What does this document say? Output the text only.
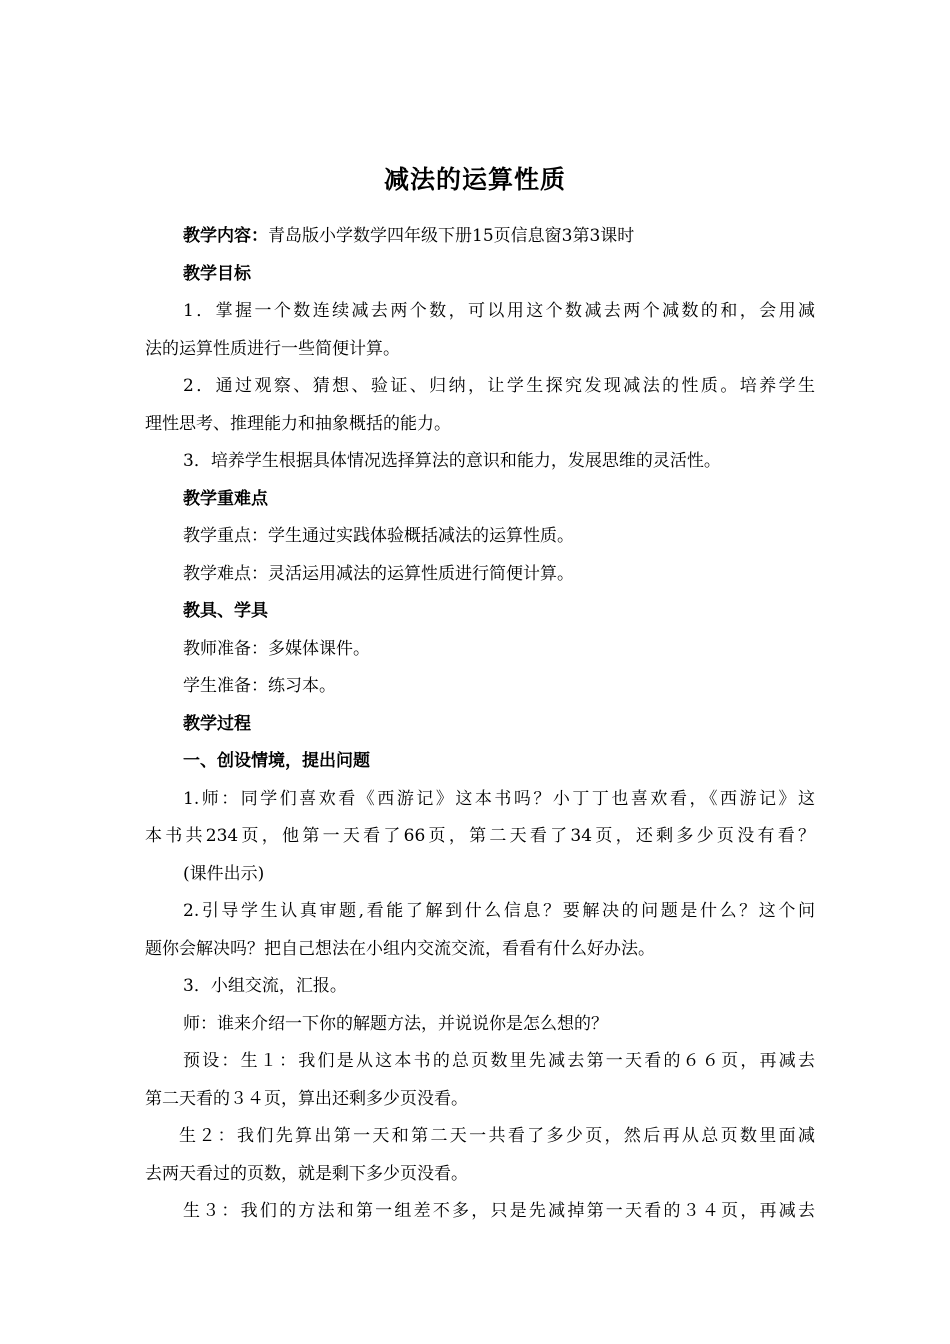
减法的运算性质
教学内容：青岛版小学数学四年级下册15页信息窗3第3课时
教学目标
1．掌握一个数连续减去两个数，可以用这个数减去两个减数的和，会用减
法的运算性质进行一些简便计算。
2．通过观察、猜想、验证、归纳，让学生探究发现减法的性质。培养学生
理性思考、推理能力和抽象概括的能力。
3．培养学生根据具体情况选择算法的意识和能力，发展思维的灵活性。
教学重难点
教学重点：学生通过实践体验概括减法的运算性质。
教学难点：灵活运用减法的运算性质进行简便计算。
教具、学具
教师准备：多媒体课件。
学生准备：练习本。
教学过程
一、创设情境，提出问题
1.师：同学们喜欢看《西游记》这本书吗？小丁丁也喜欢看，《西游记》这
本书共234页，他第一天看了66页，第二天看了34页，还剩多少页没有看？
(课件出示)
2.引导学生认真审题,看能了解到什么信息？要解决的问题是什么？这个问
题你会解决吗？把自己想法在小组内交流交流，看看有什么好办法。
3．小组交流，汇报。
师：谁来介绍一下你的解题方法，并说说你是怎么想的？
预设：生１：我们是从这本书的总页数里先减去第一天看的６６页，再减去
第二天看的３４页，算出还剩多少页没看。
生２：我们先算出第一天和第二天一共看了多少页，然后再从总页数里面减
去两天看过的页数，就是剩下多少页没看。
生３：我们的方法和第一组差不多，只是先减掉第一天看的３４页，再减去
